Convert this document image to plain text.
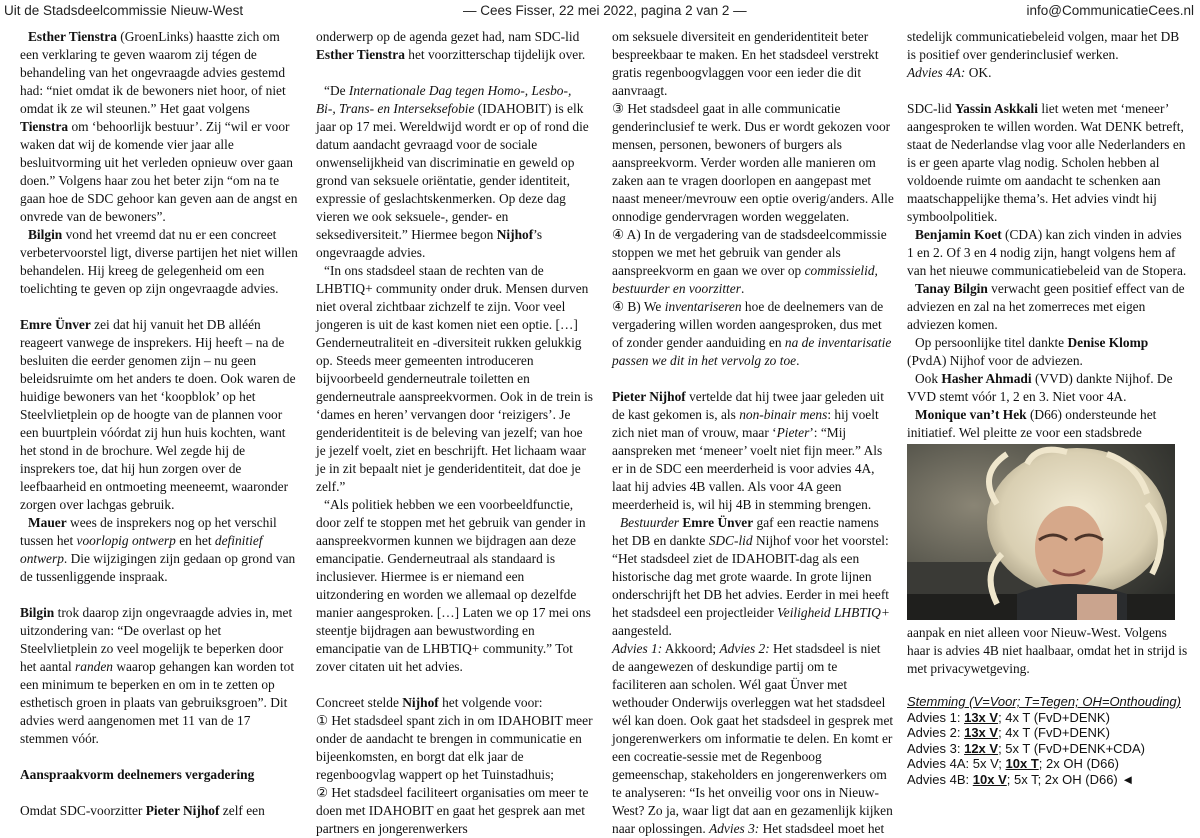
Uit de Stadsdeelcommissie Nieuw-West	— Cees Fisser, 22 mei 2022, pagina 2 van 2 —	info@CommunicatieCees.nl

Esther Tienstra (GroenLinks) haastte zich om een verklaring te geven waarom zij tégen de behandeling van het ongevraagde advies gestemd had: “niet omdat ik de bewoners niet hoor, of niet omdat ik ze wil steunen.” Het gaat volgens Tienstra om ‘behoorlijk bestuur’. Zij “wil er voor waken dat wij de komende vier jaar alle besluitvorming uit het verleden opnieuw over gaan doen.” Volgens haar zou het beter zijn “om na te gaan hoe de SDC gehoor kan geven aan de angst en onvrede van de bewoners”.

Bilgin vond het vreemd dat nu er een concreet verbetervoorstel ligt, diverse partijen het niet willen behandelen. Hij kreeg de gelegenheid om een toelichting te geven op zijn ongevraagde advies.

Emre Ünver zei dat hij vanuit het DB alléén reageert vanwege de insprekers. Hij heeft – na de besluiten die eerder genomen zijn – nu geen beleidsruimte om het anders te doen. Ook waren de huidige bewoners van het ‘koopblok’ op het Steelvlietplein op de hoogte van de plannen voor een buurtplein vóórdat zij hun huis kochten, want het stond in de brochure. Wel zegde hij de insprekers toe, dat hij hun zorgen over de leefbaarheid en ontmoeting meeneemt, waaronder zorgen over lachgas gebruik.

Mauer wees de insprekers nog op het verschil tussen het voorlopig ontwerp en het definitief ontwerp. Die wijzigingen zijn gedaan op grond van de tussenliggende inspraak.

Bilgin trok daarop zijn ongevraagde advies in, met uitzondering van: “De overlast op het Steelvlietplein zo veel mogelijk te beperken door het aantal randen waarop gehangen kan worden tot een minimum te beperken en om in te zetten op esthetisch groen in plaats van gebruiksgroen”. Dit advies werd aangenomen met 11 van de 17 stemmen vóór.

Aanspraakvorm deelnemers vergadering

Omdat SDC-voorzitter Pieter Nijhof zelf een

onderwerp op de agenda gezet had, nam SDC-lid Esther Tienstra het voorzitterschap tijdelijk over.

“De Internationale Dag tegen Homo-, Lesbo-, Bi-, Trans- en Interseksefobie (IDAHOBIT) is elk jaar op 17 mei. Wereldwijd wordt er op of rond die datum aandacht gevraagd voor de sociale onwenselijkheid van discriminatie en geweld op grond van seksuele oriëntatie, gender identiteit, expressie of geslachtskenmerken. Op deze dag vieren we ook seksuele-, gender- en seksediversiteit.” Hiermee begon Nijhof’s ongevraagde advies.

“In ons stadsdeel staan de rechten van de LHBTIQ+ community onder druk. Mensen durven niet overal zichtbaar zichzelf te zijn. Voor veel jongeren is uit de kast komen niet een optie. […] Genderneutraliteit en -diversiteit rukken gelukkig op. Steeds meer gemeenten introduceren bijvoorbeeld genderneutrale toiletten en genderneutrale aanspreekvormen. Ook in de trein is ‘dames en heren’ vervangen door ‘reizigers’. Je genderidentiteit is de beleving van jezelf; van hoe je jezelf voelt, ziet en beschrijft. Het lichaam waar je in zit bepaalt niet je genderidentiteit, dat doe je zelf.”

“Als politiek hebben we een voorbeeldfunctie, door zelf te stoppen met het gebruik van gender in aanspreekvormen kunnen we bijdragen aan deze emancipatie. Genderneutraal als standaard is inclusiever. Hiermee is er niemand een uitzondering en worden we allemaal op dezelfde manier aangesproken. […] Laten we op 17 mei ons steentje bijdragen aan bewustwording en emancipatie van de LHBTIQ+ community.” Tot zover citaten uit het advies.

Concreet stelde Nijhof het volgende voor:

① Het stadsdeel spant zich in om IDAHOBIT meer onder de aandacht te brengen in communicatie en bijeenkomsten, en borgt dat elk jaar de regenboogvlag wappert op het Tuinstadhuis;

② Het stadsdeel faciliteert organisaties om meer te doen met IDAHOBIT en gaat het gesprek aan met partners en jongerenwerkers

om seksuele diversiteit en genderidentiteit beter bespreekbaar te maken. En het stadsdeel verstrekt gratis regenboogvlaggen voor een ieder die dit aanvraagt.

③ Het stadsdeel gaat in alle communicatie genderinclusief te werk. Dus er wordt gekozen voor mensen, personen, bewoners of burgers als aanspreekvorm. Verder worden alle manieren om zaken aan te vragen doorlopen en aangepast met naast meneer/mevrouw een optie overig/anders. Alle onnodige gendervragen worden weggelaten.

④ A) In de vergadering van de stadsdeelcommissie stoppen we met het gebruik van gender als aanspreekvorm en gaan we over op commissielid, bestuurder en voorzitter.

④ B) We inventariseren hoe de deelnemers van de vergadering willen worden aangesproken, dus met of zonder gender aanduiding en na de inventarisatie passen we dit in het vervolg zo toe.

Pieter Nijhof vertelde dat hij twee jaar geleden uit de kast gekomen is, als non-binair mens: hij voelt zich niet man of vrouw, maar ‘Pieter’: “Mij aanspreken met ‘meneer’ voelt niet fijn meer.” Als er in de SDC een meerderheid is voor advies 4A, laat hij advies 4B vallen. Als voor 4A geen meerderheid is, wil hij 4B in stemming brengen.

Bestuurder Emre Ünver gaf een reactie namens het DB en dankte SDC-lid Nijhof voor het voorstel: “Het stadsdeel ziet de IDAHOBIT-dag als een historische dag met grote waarde. In grote lijnen onderschrijft het DB het advies. Eerder in mei heeft het stadsdeel een projectleider Veiligheid LHBTIQ+ aangesteld.

Advies 1: Akkoord; Advies 2: Het stadsdeel is niet de aangewezen of deskundige partij om te faciliteren aan scholen. Wél gaat Ünver met wethouder Onderwijs overleggen wat het stadsdeel wél kan doen. Ook gaat het stadsdeel in gesprek met jongerenwerkers om informatie te delen. En komt er een cocreatie-sessie met de Regenboog gemeenschap, stakeholders en jongerenwerkers om te analyseren: “Is het onveilig voor ons in Nieuw-West? Zo ja, waar ligt dat aan en gezamenlijk kijken naar oplossingen. Advies 3: Het stadsdeel moet het

stedelijk communicatiebeleid volgen, maar het DB is positief over genderinclusief werken.
Advies 4A: OK.

SDC-lid Yassin Askkali liet weten met ‘meneer’ aangesproken te willen worden. Wat DENK betreft, staat de Nederlandse vlag voor alle Nederlanders en is er geen aparte vlag nodig. Scholen hebben al voldoende ruimte om aandacht te schenken aan maatschappelijke thema’s. Het advies vindt hij symboolpolitiek.

Benjamin Koet (CDA) kan zich vinden in advies 1 en 2. Of 3 en 4 nodig zijn, hangt volgens hem af van het nieuwe communicatiebeleid van de Stopera.

Tanay Bilgin verwacht geen positief effect van de adviezen en zal na het zomerreces met eigen adviezen komen.

Op persoonlijke titel dankte Denise Klomp (PvdA) Nijhof voor de adviezen.

Ook Hasher Ahmadi (VVD) dankte Nijhof. De VVD stemt vóór 1, 2 en 3. Niet voor 4A.

Monique van’t Hek (D66) ondersteunde het initiatief. Wel pleitte ze voor een stadsbrede

aanpak en niet alleen voor Nieuw-West. Volgens haar is advies 4B niet haalbaar, omdat het in strijd is met privacywetgeving.

Stemming (V=Voor; T=Tegen; OH=Onthouding)
Advies 1: 13x V; 4x T (FvD+DENK)
Advies 2: 13x V; 4x T (FvD+DENK)
Advies 3: 12x V; 5x T (FvD+DENK+CDA)
Advies 4A: 5x V; 10x T; 2x OH (D66)
Advies 4B: 10x V; 5x T; 2x OH (D66) ◄
